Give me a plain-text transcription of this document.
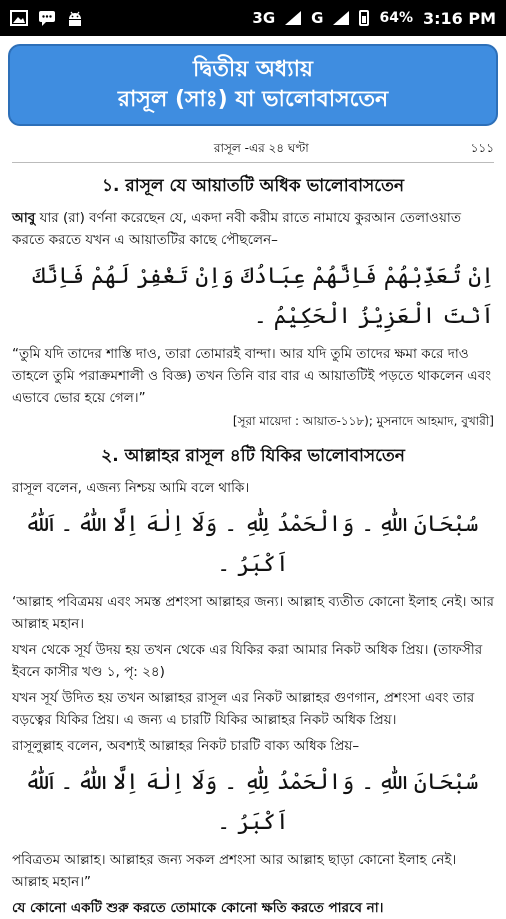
3G G	64% 3:16 PM
দ্বিতীয় অধ্যায়
রাসূল (সাঃ) যা ভালোবাসতেন
রাসূল -এর ২৪ ঘণ্টা	১১১
১. রাসূল যে আয়াতটি অধিক ভালোবাসতেন

আবু যার (রা) বর্ণনা করেছেন যে, একদা নবী করীম রাতে নামাযে কুরআন তেলাওয়াত করতে করতে যখন এ আয়াতটির কাছে পৌছলেন–

اِنْ تُعَذِّبْهُمْ فَاِنَّهُمْ عِبَادُكَ وَاِنْ تَغْفِرْ لَهُمْ فَاِنَّكَ اَنْتَ الْعَزِيْزُ الْحَكِيْمُ ۔

“তুমি যদি তাদের শাস্তি দাও, তারা তোমারই বান্দা। আর যদি তুমি তাদের ক্ষমা করে দাও তাহলে তুমি পরাক্রমশালী ও বিজ্ঞ) তখন তিনি বার বার এ আয়াতটিই পড়তে থাকলেন এবং এভাবে ভোর হয়ে গেল।”

[সূরা মায়েদা : আয়াত-১১৮); মুসনাদে আহমাদ, বুখারী]
২. আল্লাহর রাসূল ৪টি যিকির ভালোবাসতেন

রাসূল বলেন, এজন্য নিশ্চয় আমি বলে থাকি।

سُبْحَانَ اللّٰهِ ۔ وَالْحَمْدُ لِلّٰهِ ۔ وَلَا اِلٰهَ اِلَّا اللّٰهُ ۔ اَللّٰهُ اَكْبَرُ ۔

‘আল্লাহ পবিত্রময় এবং সমস্ত প্রশংসা আল্লাহর জন্য। আল্লাহ ব্যতীত কোনো ইলাহ নেই। আর আল্লাহ মহান।

যখন থেকে সূর্য উদয় হয় তখন থেকে এর যিকির করা আমার নিকট অধিক প্রিয়। (তাফসীর ইবনে কাসীর খণ্ড ১, পৃ: ২৪)

যখন সূর্য উদিত হয় তখন আল্লাহর রাসূল এর নিকট আল্লাহর গুণগান, প্রশংসা এবং তার বড়ত্বের যিকির প্রিয়। এ জন্য এ চারটি যিকির আল্লাহর নিকট অধিক প্রিয়।

রাসূলুল্লাহ বলেন, অবশ্যই আল্লাহর নিকট চারটি বাক্য অধিক প্রিয়–

سُبْحَانَ اللّٰهِ ۔ وَالْحَمْدُ لِلّٰهِ ۔ وَلَا اِلٰهَ اِلَّا اللّٰهُ ۔ اَللّٰهُ اَكْبَرُ ۔

পবিত্রতম আল্লাহ। আল্লাহর জন্য সকল প্রশংসা আর আল্লাহ ছাড়া কোনো ইলাহ নেই। আল্লাহ মহান।”

যে কোনো একটি শুরু করতে তোমাকে কোনো ক্ষতি করতে পারবে না।
